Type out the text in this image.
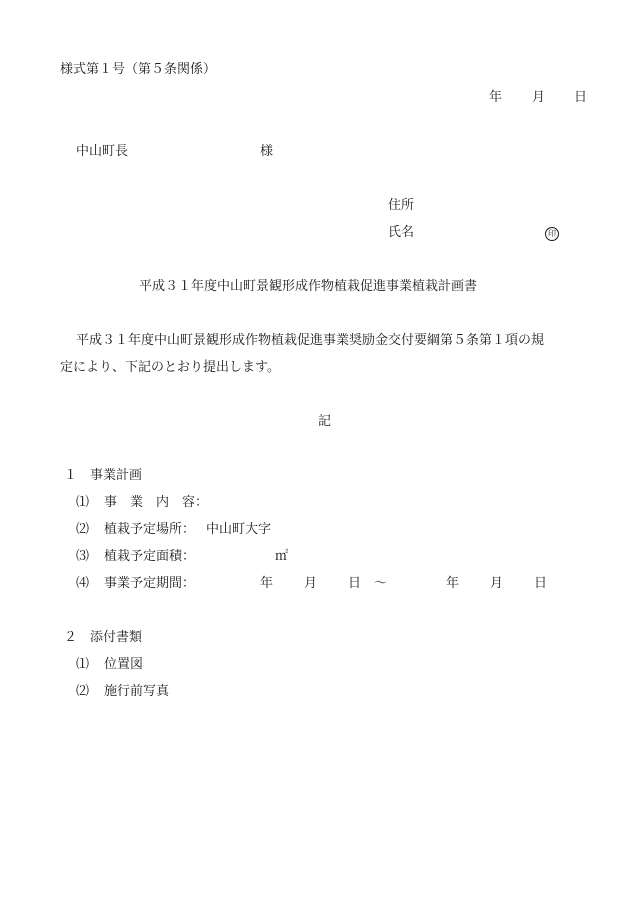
様式第１号（第５条関係）
年 月 日
中山町長	様
住所
氏名	印
平成３１年度中山町景観形成作物植栽促進事業植栽計画書
平成３１年度中山町景観形成作物植栽促進事業奨励金交付要綱第５条第１項の規
定により、下記のとおり提出します。
記
１　事業計画
⑴ 事　業　内　容：
⑵ 植栽予定場所： 中山町大字
⑶ 植栽予定面積：	㎡
⑷ 事業予定期間：	年 月 日 ～	年 月 日
２　添付書類
⑴ 位置図
⑵ 施行前写真
